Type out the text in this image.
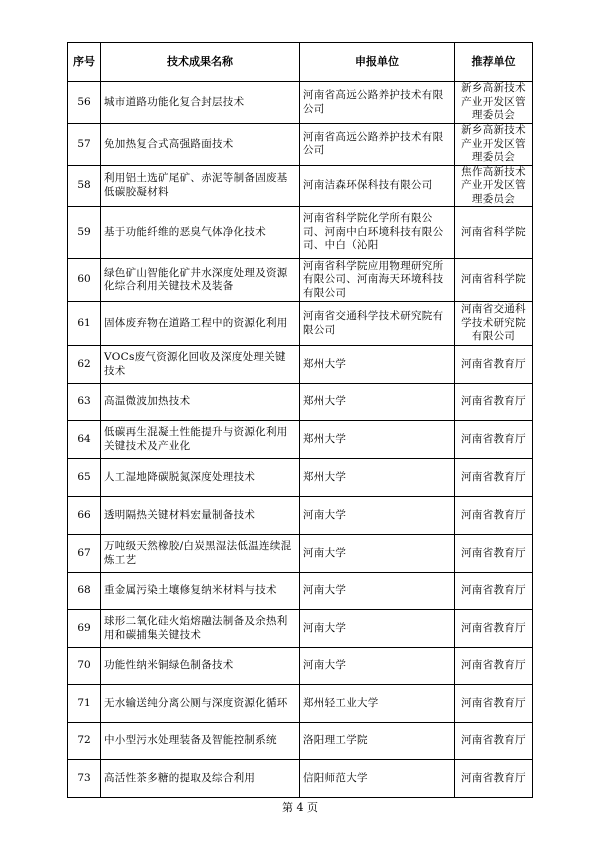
序号	技术成果名称	申报单位	推荐单位
56	城市道路功能化复合封层技术	河南省高远公路养护技术有限公司	新乡高新技术产业开发区管理委员会
57	免加热复合式高强路面技术	河南省高远公路养护技术有限公司	新乡高新技术产业开发区管理委员会
58	利用铝土选矿尾矿、赤泥等制备固废基低碳胶凝材料	河南洁森环保科技有限公司	焦作高新技术产业开发区管理委员会
59	基于功能纤维的恶臭气体净化技术	河南省科学院化学所有限公司、河南中白环境科技有限公司、中白（沁阳	河南省科学院
60	绿色矿山智能化矿井水深度处理及资源化综合利用关键技术及装备	河南省科学院应用物理研究所有限公司、河南海天环境科技有限公司	河南省科学院
61	固体废弃物在道路工程中的资源化利用	河南省交通科学技术研究院有限公司	河南省交通科学技术研究院有限公司
62	VOCs废气资源化回收及深度处理关键技术	郑州大学	河南省教育厅
63	高温微波加热技术	郑州大学	河南省教育厅
64	低碳再生混凝土性能提升与资源化利用关键技术及产业化	郑州大学	河南省教育厅
65	人工湿地降碳脱氮深度处理技术	郑州大学	河南省教育厅
66	透明隔热关键材料宏量制备技术	河南大学	河南省教育厅
67	万吨级天然橡胶/白炭黑湿法低温连续混炼工艺	河南大学	河南省教育厅
68	重金属污染土壤修复纳米材料与技术	河南大学	河南省教育厅
69	球形二氧化硅火焰熔融法制备及余热利用和碳捕集关键技术	河南大学	河南省教育厅
70	功能性纳米铜绿色制备技术	河南大学	河南省教育厅
71	无水输送纯分离公厕与深度资源化循环	郑州轻工业大学	河南省教育厅
72	中小型污水处理装备及智能控制系统	洛阳理工学院	河南省教育厅
73	高活性茶多糖的提取及综合利用	信阳师范大学	河南省教育厅
第 4 页
